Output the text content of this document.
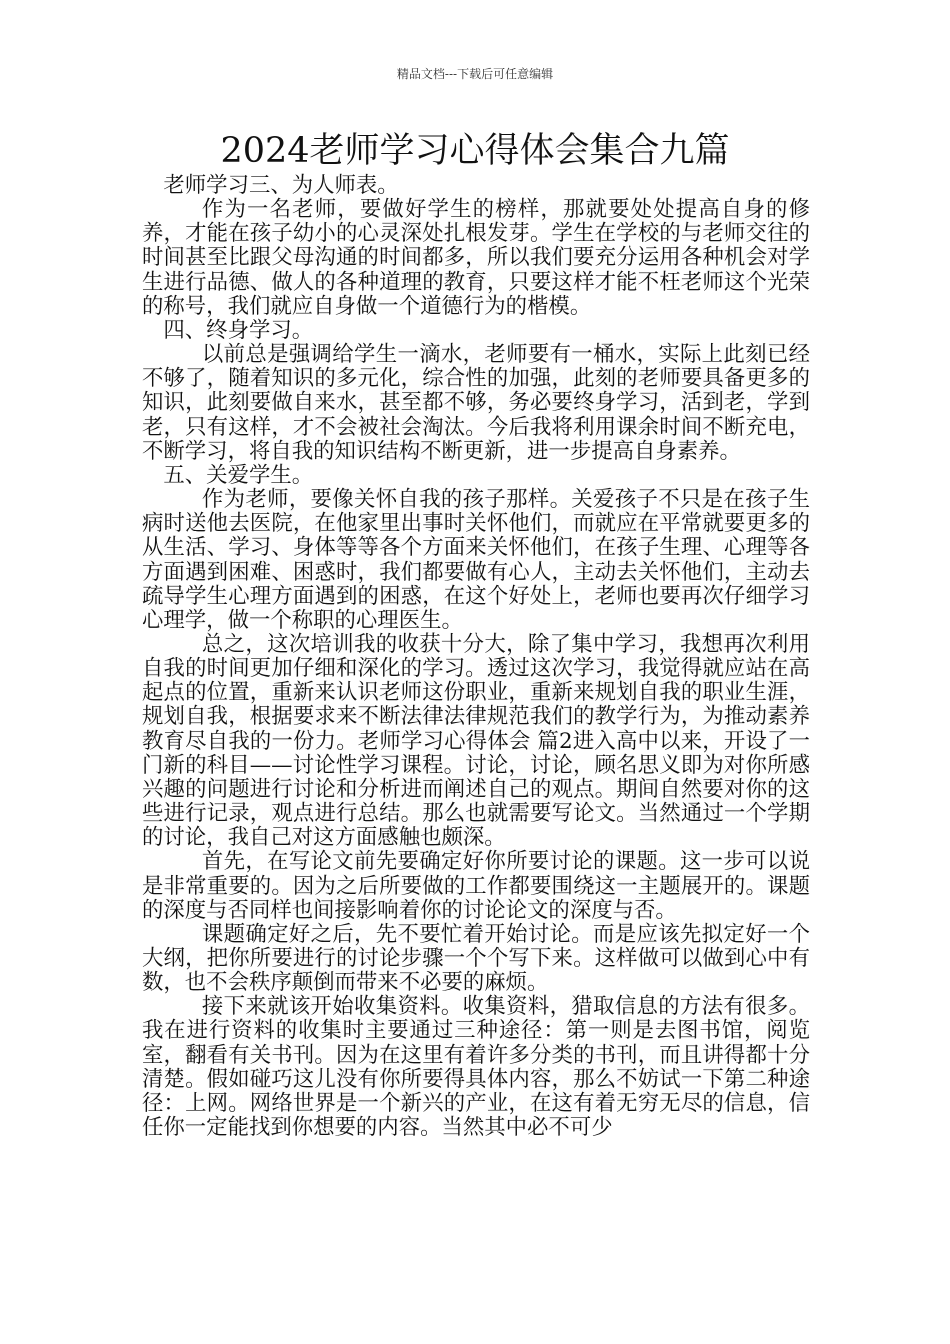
精品文档---下载后可任意编辑
2024老师学习心得体会集合九篇

老师学习三、为人师表。

作为一名老师，要做好学生的榜样，那就要处处提高自身的修养，才能在孩子幼小的心灵深处扎根发芽。学生在学校的与老师交往的时间甚至比跟父母沟通的时间都多，所以我们要充分运用各种机会对学生进行品德、做人的各种道理的教育，只要这样才能不枉老师这个光荣的称号，我们就应自身做一个道德行为的楷模。

四、终身学习。

以前总是强调给学生一滴水，老师要有一桶水，实际上此刻已经不够了，随着知识的多元化，综合性的加强，此刻的老师要具备更多的知识，此刻要做自来水，甚至都不够，务必要终身学习，活到老，学到老，只有这样，才不会被社会淘汰。今后我将利用课余时间不断充电，不断学习，将自我的知识结构不断更新，进一步提高自身素养。

五、关爱学生。

作为老师，要像关怀自我的孩子那样。关爱孩子不只是在孩子生病时送他去医院，在他家里出事时关怀他们，而就应在平常就要更多的从生活、学习、身体等等各个方面来关怀他们，在孩子生理、心理等各方面遇到困难、困惑时，我们都要做有心人，主动去关怀他们，主动去疏导学生心理方面遇到的困惑，在这个好处上，老师也要再次仔细学习心理学，做一个称职的心理医生。

总之，这次培训我的收获十分大，除了集中学习，我想再次利用自我的时间更加仔细和深化的学习。透过这次学习，我觉得就应站在高起点的位置，重新来认识老师这份职业，重新来规划自我的职业生涯，规划自我，根据要求来不断法律法律规范我们的教学行为，为推动素养教育尽自我的一份力。老师学习心得体会 篇2进入高中以来，开设了一门新的科目——讨论性学习课程。讨论，讨论，顾名思义即为对你所感兴趣的问题进行讨论和分析进而阐述自己的观点。期间自然要对你的这些进行记录，观点进行总结。那么也就需要写论文。当然通过一个学期的讨论，我自己对这方面感触也颇深。

首先，在写论文前先要确定好你所要讨论的课题。这一步可以说是非常重要的。因为之后所要做的工作都要围绕这一主题展开的。课题的深度与否同样也间接影响着你的讨论论文的深度与否。

课题确定好之后，先不要忙着开始讨论。而是应该先拟定好一个大纲，把你所要进行的讨论步骤一个个写下来。这样做可以做到心中有数，也不会秩序颠倒而带来不必要的麻烦。

接下来就该开始收集资料。收集资料，猎取信息的方法有很多。我在进行资料的收集时主要通过三种途径：第一则是去图书馆，阅览室，翻看有关书刊。因为在这里有着许多分类的书刊，而且讲得都十分清楚。假如碰巧这儿没有你所要得具体内容，那么不妨试一下第二种途径：上网。网络世界是一个新兴的产业，在这有着无穷无尽的信息，信任你一定能找到你想要的内容。当然其中必不可少
